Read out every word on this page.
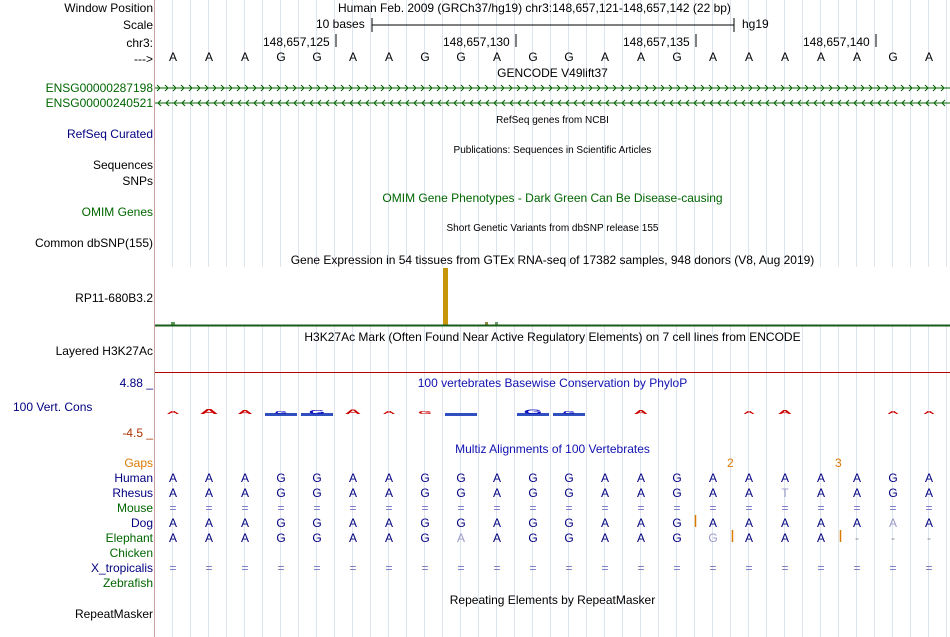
Window Position	Human Feb. 2009 (GRCh37/hg19) chr3:148,657,121-148,657,142 (22 bp)
Scale	10 bases	hg19
chr3:	148,657,125	148,657,130	148,657,135	148,657,140
--->	A	A	A	G	G	A	A	G	G	A	G	G	A	A	G	A	A	A	A	A	G	A
GENCODE V49lift37
ENSG00000287198
ENSG00000240521
RefSeq genes from NCBI
RefSeq Curated
Publications: Sequences in Scientific Articles
Sequences
SNPs
OMIM Gene Phenotypes - Dark Green Can Be Disease-causing
OMIM Genes
Short Genetic Variants from dbSNP release 155
Common dbSNP(155)
Gene Expression in 54 tissues from GTEx RNA-seq of 17382 samples, 948 donors (V8, Aug 2019)
RP11-680B3.2
H3K27Ac Mark (Often Found Near Active Regulatory Elements) on 7 cell lines from ENCODE
Layered H3K27Ac
4.88 _	100 vertebrates Basewise Conservation by PhyloP
100 Vert. Cons
-4.5 _
A A A G G A A G	G G	A	A A	A A
Multiz Alignments of 100 Vertebrates
Gaps	2	3
Human	A	A	A	G	G	A	A	G	G	A	G	G	A	A	G	A	A	A	A	A	G	A
Rhesus	A	A	A	G	G	A	A	G	G	A	G	G	A	A	G	A	A	T	A	A	G	A
Mouse	=	=	=	=	=	=	=	=	=	=	=	=	=	=	=	=	=	=	=	=	=	=
Dog	A	A	A	G	G	A	A	G	G	A	G	G	A	A	G	A	A	A	A	A	A	A
Elephant	A	A	A	G	G	A	A	G	A	A	G	G	A	A	G	G	A	A	A	-	-	-
Chicken
X_tropicalis	=	=	=	=	=	=	=	=	=	=	=	=	=	=	=	=	=	=	=	=	=	=
Zebrafish
Repeating Elements by RepeatMasker
RepeatMasker
